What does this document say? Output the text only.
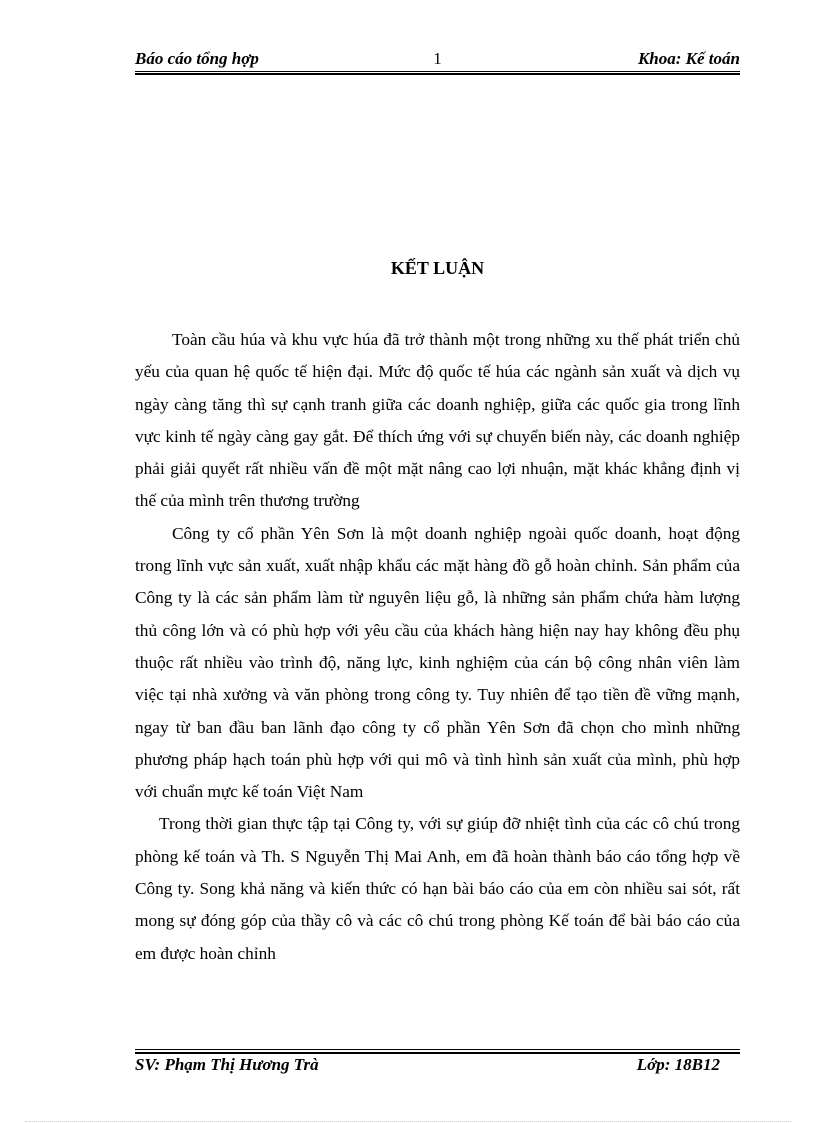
Báo cáo tổng hợp	1	Khoa: Kế toán
KẾT LUẬN

Toàn cầu húa và khu vực húa đã trở thành một trong những xu thế phát triển chủ yếu của quan hệ quốc tế hiện đại. Mức độ quốc tế húa các ngành sản xuất và dịch vụ ngày càng tăng thì sự cạnh tranh giữa các doanh nghiệp, giữa các quốc gia trong lĩnh vực kinh tế ngày càng gay gắt. Để thích ứng với sự chuyển biến này, các doanh nghiệp phải giải quyết rất nhiều vấn đề một mặt nâng cao lợi nhuận, mặt khác khẳng định vị thế của mình trên thương trường

Công ty cổ phần Yên Sơn là một doanh nghiệp ngoài quốc doanh, hoạt động trong lĩnh vực sản xuất, xuất nhập khẩu các mặt hàng đồ gỗ hoàn chỉnh. Sản phẩm của Công ty là các sản phẩm làm từ nguyên liệu gỗ, là những sản phẩm chứa hàm lượng thủ công lớn và có phù hợp với yêu cầu của khách hàng hiện nay hay không đều phụ thuộc rất nhiều vào trình độ, năng lực, kinh nghiệm của cán bộ công nhân viên làm việc tại nhà xưởng và văn phòng trong công ty. Tuy nhiên để tạo tiền đề vững mạnh, ngay từ ban đầu ban lãnh đạo công ty cổ phần Yên Sơn đã chọn cho mình những phương pháp hạch toán phù hợp với qui mô và tình hình sản xuất của mình, phù hợp với chuẩn mực kế toán Việt Nam

Trong thời gian thực tập tại Công ty, với sự giúp đỡ nhiệt tình của các cô chú trong phòng kế toán và Th. S Nguyễn Thị Mai Anh, em đã hoàn thành báo cáo tổng hợp về Công ty. Song khả năng và kiến thức có hạn bài báo cáo của em còn nhiều sai sót, rất mong sự đóng góp của thầy cô và các cô chú trong phòng Kế toán để bài báo cáo của em được hoàn chỉnh

SV: Phạm Thị Hương Trà	Lớp: 18B12
